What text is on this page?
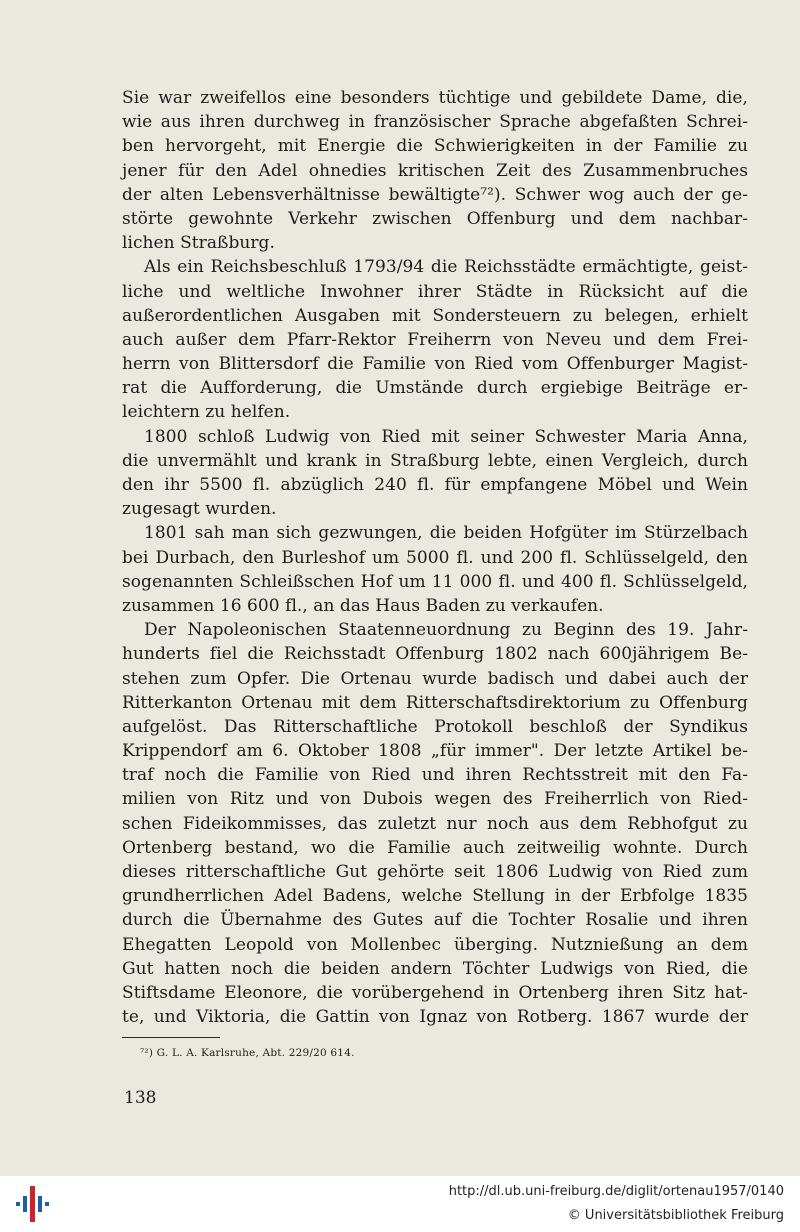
Sie war zweifellos eine besonders tüchtige und gebildete Dame, die,
wie aus ihren durchweg in französischer Sprache abgefaßten Schrei-
ben hervorgeht, mit Energie die Schwierigkeiten in der Familie zu
jener für den Adel ohnedies kritischen Zeit des Zusammenbruches
der alten Lebensverhältnisse bewältigte⁷²). Schwer wog auch der ge-
störte gewohnte Verkehr zwischen Offenburg und dem nachbar-
lichen Straßburg.
Als ein Reichsbeschluß 1793/94 die Reichsstädte ermächtigte, geist-
liche und weltliche Inwohner ihrer Städte in Rücksicht auf die
außerordentlichen Ausgaben mit Sondersteuern zu belegen, erhielt
auch außer dem Pfarr-Rektor Freiherrn von Neveu und dem Frei-
herrn von Blittersdorf die Familie von Ried vom Offenburger Magist-
rat die Aufforderung, die Umstände durch ergiebige Beiträge er-
leichtern zu helfen.
1800 schloß Ludwig von Ried mit seiner Schwester Maria Anna,
die unvermählt und krank in Straßburg lebte, einen Vergleich, durch
den ihr 5500 fl. abzüglich 240 fl. für empfangene Möbel und Wein
zugesagt wurden.
1801 sah man sich gezwungen, die beiden Hofgüter im Stürzelbach
bei Durbach, den Burleshof um 5000 fl. und 200 fl. Schlüsselgeld, den
sogenannten Schleißschen Hof um 11 000 fl. und 400 fl. Schlüsselgeld,
zusammen 16 600 fl., an das Haus Baden zu verkaufen.
Der Napoleonischen Staatenneuordnung zu Beginn des 19. Jahr-
hunderts fiel die Reichsstadt Offenburg 1802 nach 600jährigem Be-
stehen zum Opfer. Die Ortenau wurde badisch und dabei auch der
Ritterkanton Ortenau mit dem Ritterschaftsdirektorium zu Offenburg
aufgelöst. Das Ritterschaftliche Protokoll beschloß der Syndikus
Krippendorf am 6. Oktober 1808 „für immer". Der letzte Artikel be-
traf noch die Familie von Ried und ihren Rechtsstreit mit den Fa-
milien von Ritz und von Dubois wegen des Freiherrlich von Ried-
schen Fideikommisses, das zuletzt nur noch aus dem Rebhofgut zu
Ortenberg bestand, wo die Familie auch zeitweilig wohnte. Durch
dieses ritterschaftliche Gut gehörte seit 1806 Ludwig von Ried zum
grundherrlichen Adel Badens, welche Stellung in der Erbfolge 1835
durch die Übernahme des Gutes auf die Tochter Rosalie und ihren
Ehegatten Leopold von Mollenbec überging. Nutznießung an dem
Gut hatten noch die beiden andern Töchter Ludwigs von Ried, die
Stiftsdame Eleonore, die vorübergehend in Ortenberg ihren Sitz hat-
te, und Viktoria, die Gattin von Ignaz von Rotberg. 1867 wurde der
⁷²) G. L. A. Karlsruhe, Abt. 229/20 614.
138
http://dl.ub.uni-freiburg.de/diglit/ortenau1957/0140
© Universitätsbibliothek Freiburg
